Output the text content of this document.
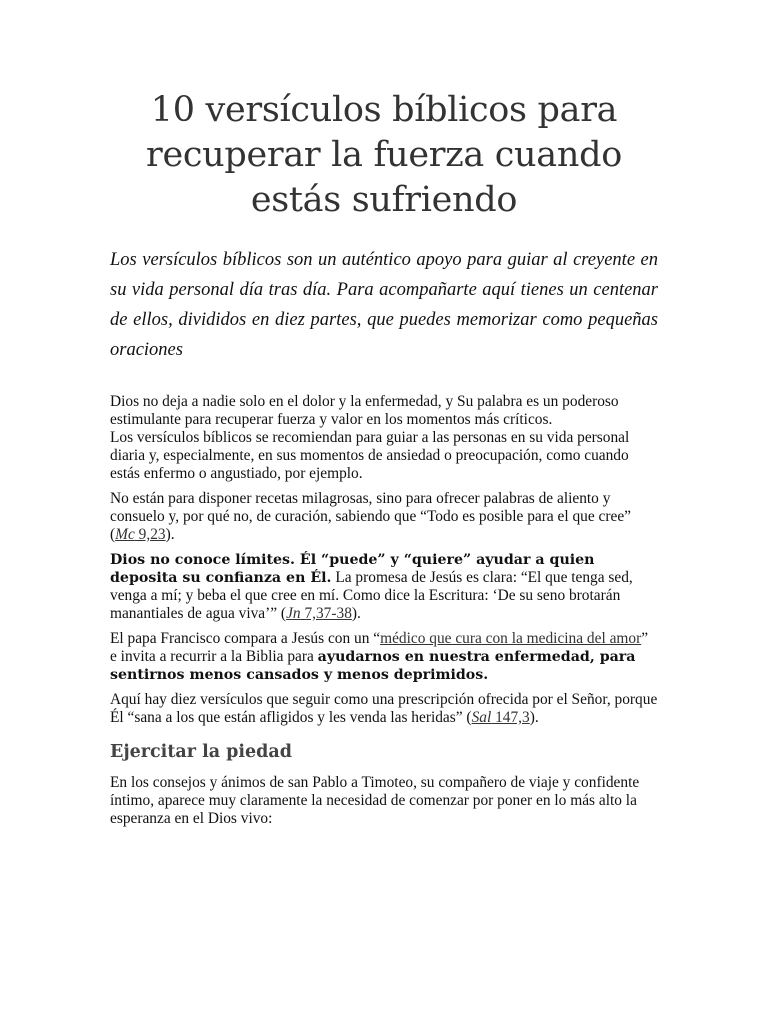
10 versículos bíblicos para recuperar la fuerza cuando estás sufriendo

Los versículos bíblicos son un auténtico apoyo para guiar al creyente en su vida personal día tras día. Para acompañarte aquí tienes un centenar de ellos, divididos en diez partes, que puedes memorizar como pequeñas oraciones

Dios no deja a nadie solo en el dolor y la enfermedad, y Su palabra es un poderoso estimulante para recuperar fuerza y valor en los momentos más críticos.

Los versículos bíblicos se recomiendan para guiar a las personas en su vida personal diaria y, especialmente, en sus momentos de ansiedad o preocupación, como cuando estás enfermo o angustiado, por ejemplo.

No están para disponer recetas milagrosas, sino para ofrecer palabras de aliento y consuelo y, por qué no, de curación, sabiendo que “Todo es posible para el que cree” (Mc 9,23).

Dios no conoce límites. Él “puede” y “quiere” ayudar a quien deposita su confianza en Él. La promesa de Jesús es clara: “El que tenga sed, venga a mí; y beba el que cree en mí. Como dice la Escritura: ‘De su seno brotarán manantiales de agua viva’” (Jn 7,37-38).

El papa Francisco compara a Jesús con un “médico que cura con la medicina del amor” e invita a recurrir a la Biblia para ayudarnos en nuestra enfermedad, para sentirnos menos cansados y menos deprimidos.

Aquí hay diez versículos que seguir como una prescripción ofrecida por el Señor, porque Él “sana a los que están afligidos y les venda las heridas” (Sal 147,3).

Ejercitar la piedad

En los consejos y ánimos de san Pablo a Timoteo, su compañero de viaje y confidente íntimo, aparece muy claramente la necesidad de comenzar por poner en lo más alto la esperanza en el Dios vivo:
